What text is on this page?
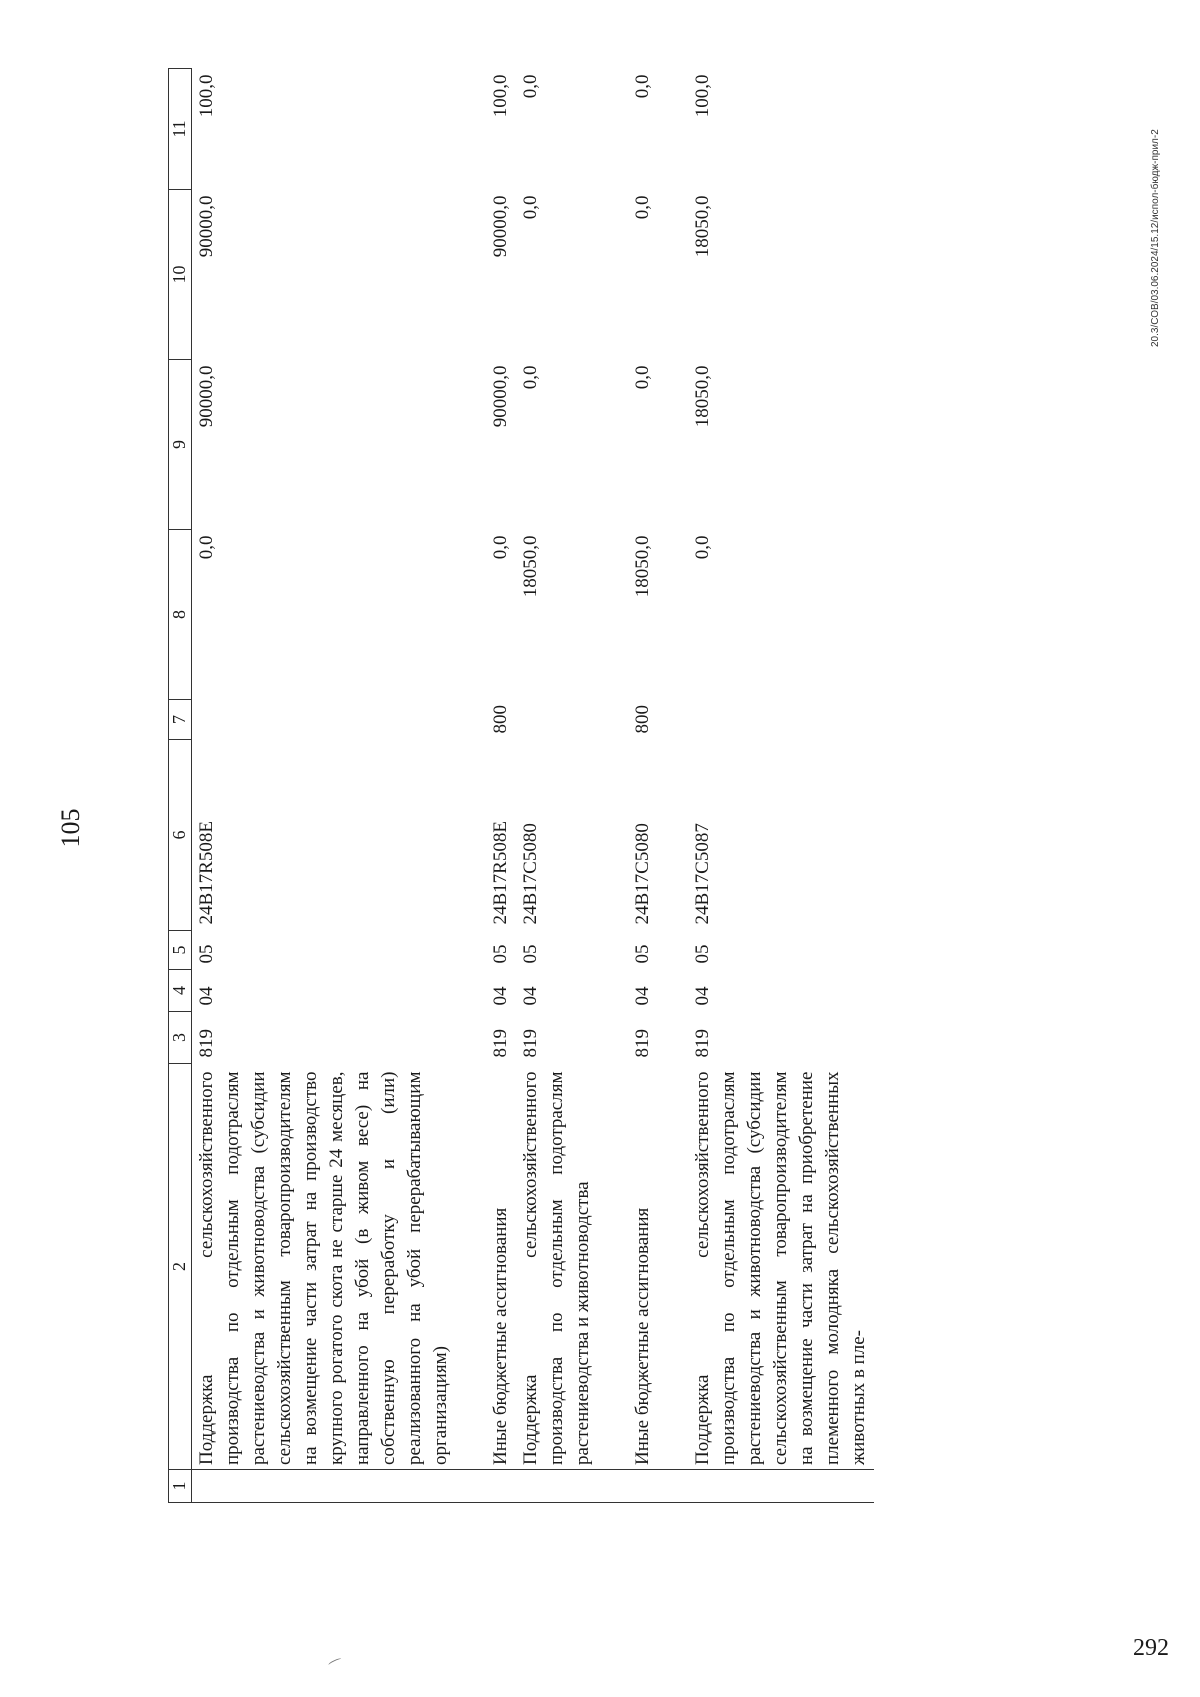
105
1	2	3	4	5	6	7	8	9	10	11
	Поддержка сельскохозяйственного производства по отдельным подотраслям растениеводства и животноводства (субсидии сельскохозяйственным товаропроизводителям на возмещение части затрат на производство крупного рогатого скота не старше 24 месяцев, направленного на убой (в живом весе) на собственную переработку и (или) реализованного на убой перерабатывающим организациям)	819	04	05	24В17R508Е		0,0	90000,0	90000,0	100,0

	Иные бюджетные ассигнования	819	04	05	24В17R508Е	800	0,0	90000,0	90000,0	100,0
	Поддержка сельскохозяйственного производства по отдельным подотраслям растениеводства и животноводства	819	04	05	24В17С5080		18050,0	0,0	0,0	0,0

	Иные бюджетные ассигнования	819	04	05	24В17С5080	800	18050,0	0,0	0,0	0,0

	Поддержка сельскохозяйственного производства по отдельным подотраслям растениеводства и животноводства (субсидии сельскохозяйственным товаропроизводителям на возмещение части затрат на приобретение племенного молодняка сельскохозяйственных животных в пле-	819	04	05	24В17С5087		0,0	18050,0	18050,0	100,0
20.3/СОВ/03.06.2024/15.12/испол-бюдж-прил-2
292
